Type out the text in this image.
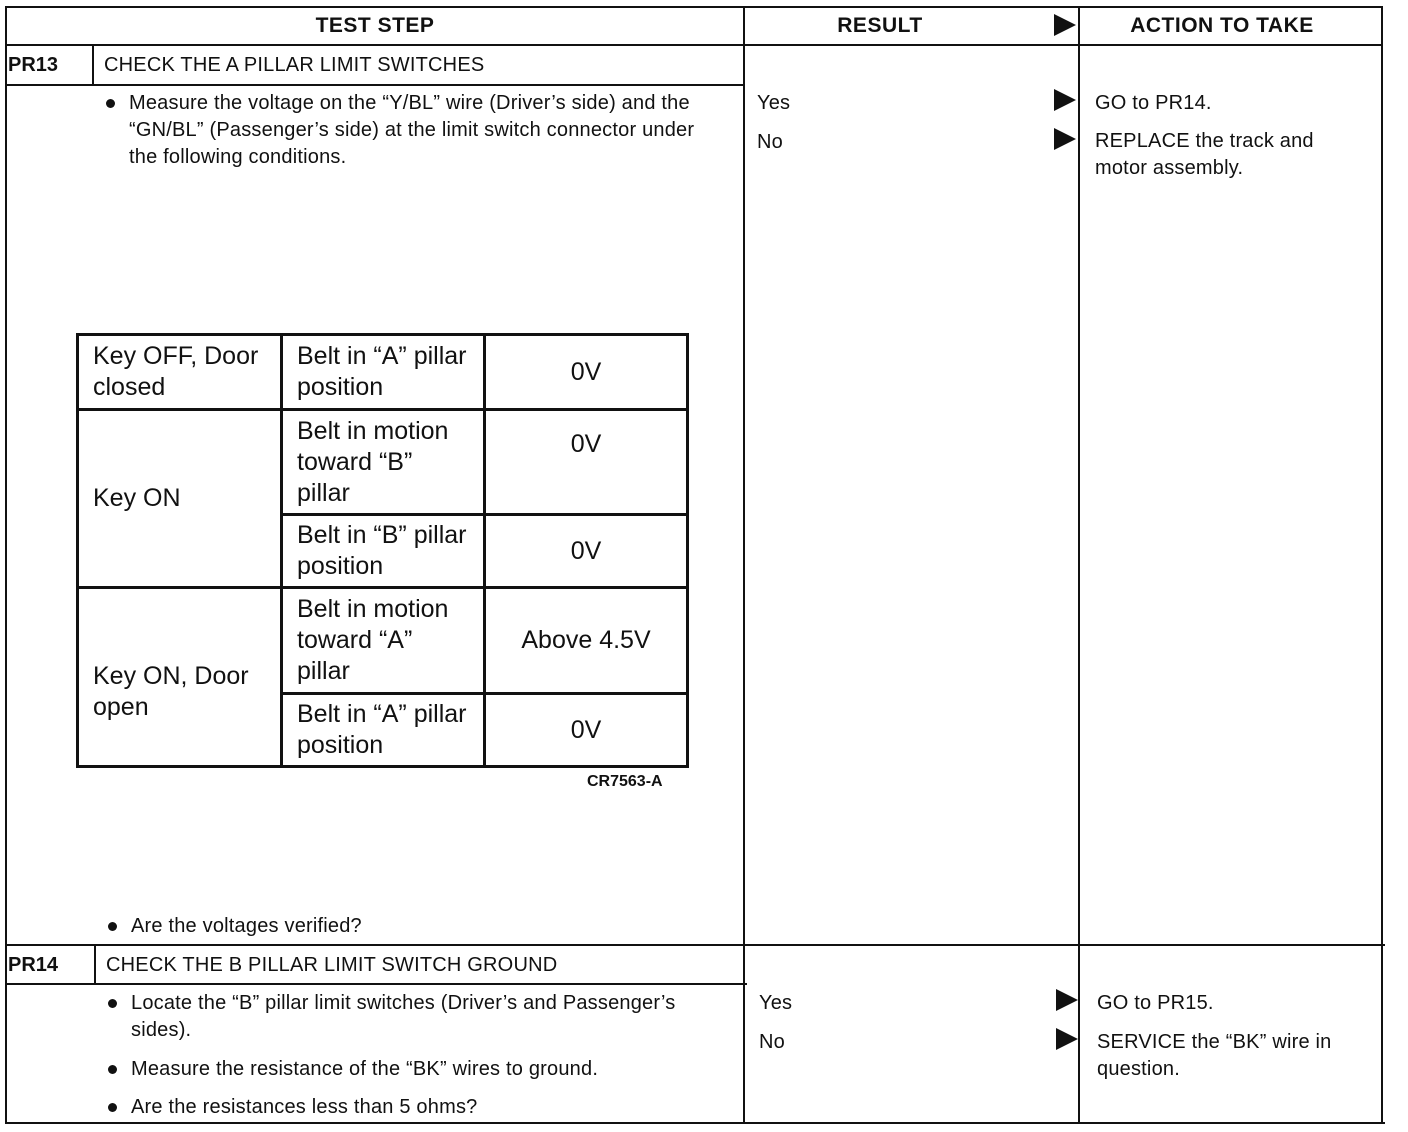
TEST STEP	RESULT	ACTION TO TAKE
PR13 CHECK THE A PILLAR LIMIT SWITCHES
Measure the voltage on the “Y/BL” wire (Driver’s side) and the “GN/BL” (Passenger’s side) at the limit switch connector under the following conditions.
Key OFF, Door closed	Belt in “A” pillar position	0V
Key ON	Belt in motion toward “B” pillar	0V
	Belt in “B” pillar position	0V
Key ON, Door open	Belt in motion toward “A” pillar	Above 4.5V
	Belt in “A” pillar position	0V
CR7563-A
Are the voltages verified?
Yes	GO to PR14.
No	REPLACE the track and motor assembly.
PR14 CHECK THE B PILLAR LIMIT SWITCH GROUND
Locate the “B” pillar limit switches (Driver’s and Passenger’s sides).
Measure the resistance of the “BK” wires to ground.
Are the resistances less than 5 ohms?
Yes	GO to PR15.
No	SERVICE the “BK” wire in question.
